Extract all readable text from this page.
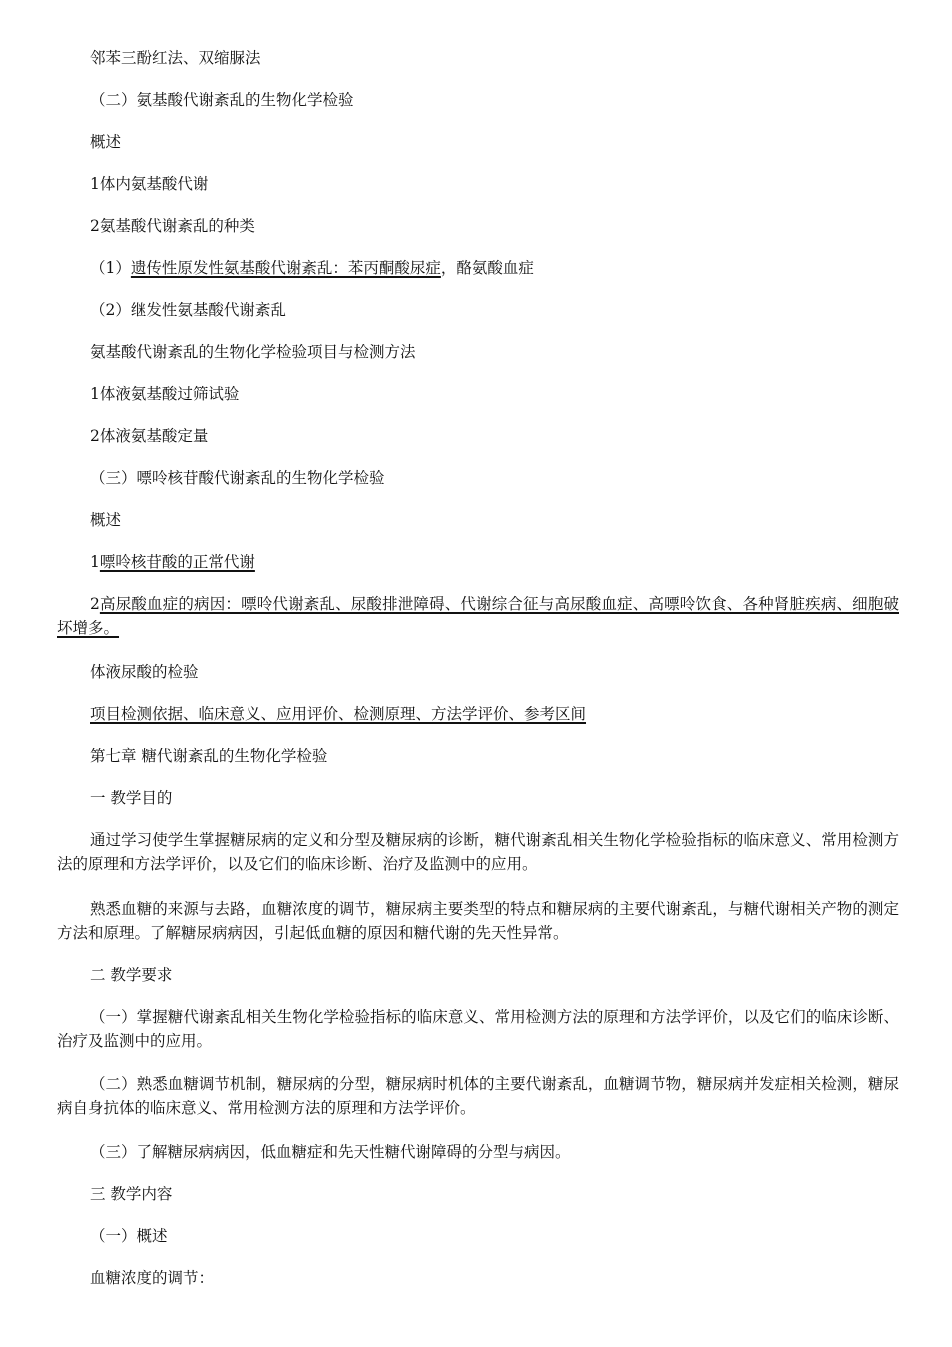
邻苯三酚红法、双缩脲法

（二）氨基酸代谢紊乱的生物化学检验

概述

1体内氨基酸代谢

2氨基酸代谢紊乱的种类

（1）遗传性原发性氨基酸代谢紊乱：苯丙酮酸尿症，酪氨酸血症

（2）继发性氨基酸代谢紊乱

氨基酸代谢紊乱的生物化学检验项目与检测方法

1体液氨基酸过筛试验

2体液氨基酸定量

（三）嘌呤核苷酸代谢紊乱的生物化学检验

概述

1嘌呤核苷酸的正常代谢

2高尿酸血症的病因：嘌呤代谢紊乱、尿酸排泄障碍、代谢综合征与高尿酸血症、高嘌呤饮食、各种肾脏疾病、细胞破坏增多。

体液尿酸的检验

项目检测依据、临床意义、应用评价、检测原理、方法学评价、参考区间

第七章 糖代谢紊乱的生物化学检验

一 教学目的

通过学习使学生掌握糖尿病的定义和分型及糖尿病的诊断，糖代谢紊乱相关生物化学检验指标的临床意义、常用检测方法的原理和方法学评价，以及它们的临床诊断、治疗及监测中的应用。

熟悉血糖的来源与去路，血糖浓度的调节，糖尿病主要类型的特点和糖尿病的主要代谢紊乱，与糖代谢相关产物的测定方法和原理。了解糖尿病病因，引起低血糖的原因和糖代谢的先天性异常。

二 教学要求

（一）掌握糖代谢紊乱相关生物化学检验指标的临床意义、常用检测方法的原理和方法学评价，以及它们的临床诊断、治疗及监测中的应用。

（二）熟悉血糖调节机制，糖尿病的分型，糖尿病时机体的主要代谢紊乱，血糖调节物，糖尿病并发症相关检测，糖尿病自身抗体的临床意义、常用检测方法的原理和方法学评价。

（三）了解糖尿病病因，低血糖症和先天性糖代谢障碍的分型与病因。

三 教学内容

（一）概述

血糖浓度的调节：
